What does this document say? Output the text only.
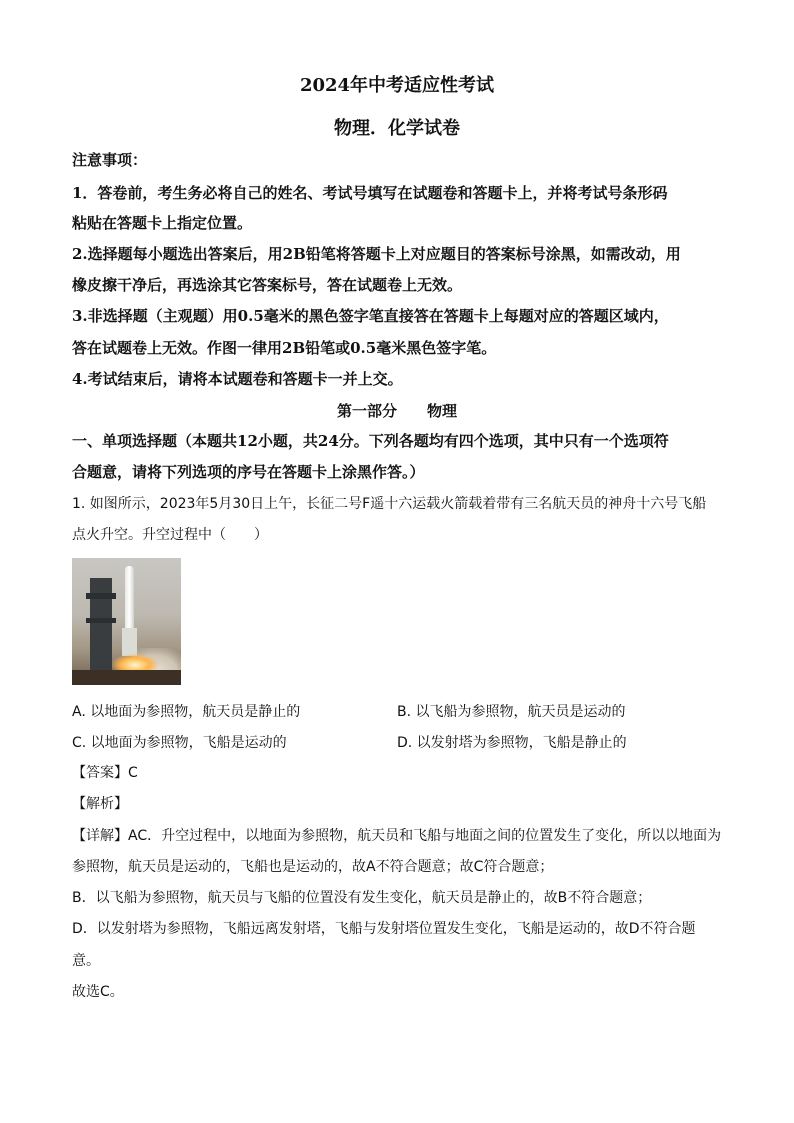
2024年中考适应性考试
物理．化学试卷
注意事项：
1．答卷前，考生务必将自己的姓名、考试号填写在试题卷和答题卡上，并将考试号条形码
粘贴在答题卡上指定位置。
2.选择题每小题选出答案后，用2B铅笔将答题卡上对应题目的答案标号涂黑，如需改动，用
橡皮擦干净后，再选涂其它答案标号，答在试题卷上无效。
3.非选择题（主观题）用0.5毫米的黑色签字笔直接答在答题卡上每题对应的答题区域内，
答在试题卷上无效。作图一律用2B铅笔或0.5毫米黑色签字笔。
4.考试结束后，请将本试题卷和答题卡一并上交。
第一部分　　物理
一、单项选择题（本题共12小题，共24分。下列各题均有四个选项，其中只有一个选项符
合题意，请将下列选项的序号在答题卡上涂黑作答。）
1. 如图所示，2023年5月30日上午，长征二号F遥十六运载火箭载着带有三名航天员的神舟十六号飞船
点火升空。升空过程中（　　）
A. 以地面为参照物，航天员是静止的	B. 以飞船为参照物，航天员是运动的
C. 以地面为参照物，飞船是运动的	D. 以发射塔为参照物，飞船是静止的
【答案】C
【解析】
【详解】AC．升空过程中，以地面为参照物，航天员和飞船与地面之间的位置发生了变化，所以以地面为
参照物，航天员是运动的，飞船也是运动的，故A不符合题意；故C符合题意；
B．以飞船为参照物，航天员与飞船的位置没有发生变化，航天员是静止的，故B不符合题意；
D．以发射塔为参照物，飞船远离发射塔，飞船与发射塔位置发生变化，飞船是运动的，故D不符合题
意。
故选C。
